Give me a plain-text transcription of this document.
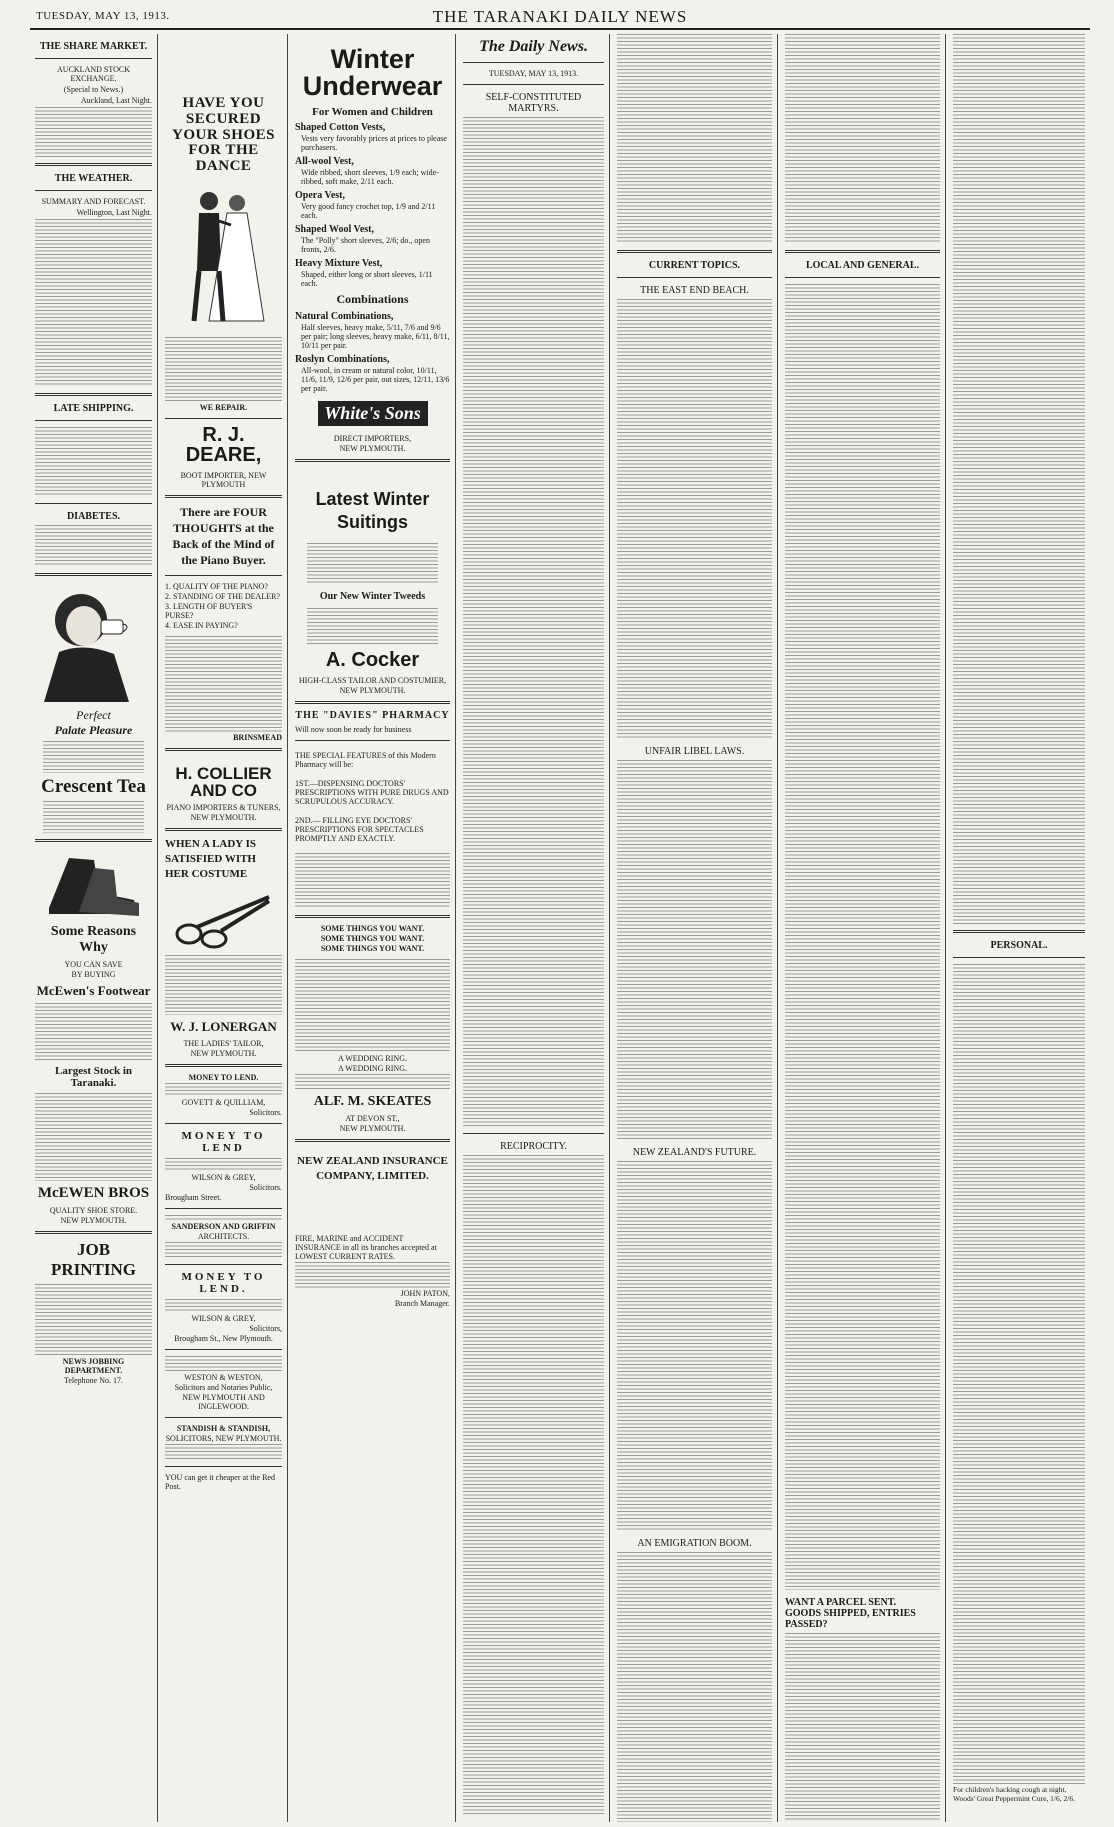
TUESDAY, MAY 13, 1913.	THE TARANAKI DAILY NEWS
THE SHARE MARKET.
AUCKLAND STOCK EXCHANGE.
(Special to News.)
Auckland, Last Night.
THE WEATHER.
SUMMARY AND FORECAST.
Wellington, Last Night.
LATE SHIPPING.
DIABETES.
Perfect
Palate Pleasure
Crescent Tea
Some Reasons Why
YOU CAN SAVE
BY BUYING
McEwen's Footwear
Largest Stock in Taranaki.
McEWEN BROS
QUALITY SHOE STORE.
NEW PLYMOUTH.
JOB PRINTING
NEWS JOBBING DEPARTMENT.
Telephone No. 17.
HAVE YOU SECURED YOUR SHOES FOR THE DANCE
WE REPAIR.
R. J. DEARE,
BOOT IMPORTER, NEW PLYMOUTH
There are FOUR THOUGHTS at the Back of the Mind of the Piano Buyer.
1. QUALITY OF THE PIANO?
2. STANDING OF THE DEALER?
3. LENGTH OF BUYER'S PURSE?
4. EASE IN PAYING?
BRINSMEAD
H. COLLIER AND CO
PIANO IMPORTERS & TUNERS,
NEW PLYMOUTH.
WHEN A LADY IS SATISFIED WITH HER COSTUME
W. J. LONERGAN
THE LADIES' TAILOR,
NEW PLYMOUTH.
MONEY TO LEND.
GOVETT & QUILLIAM,
Solicitors.
MONEY TO LEND
WILSON & GREY,
Solicitors.
Brougham Street.
SANDERSON AND GRIFFIN
ARCHITECTS.
MONEY TO LEND.
WILSON & GREY,
Solicitors,
Brougham St., New Plymouth.
WESTON & WESTON,
Solicitors and Notaries Public,
NEW PLYMOUTH AND INGLEWOOD.
STANDISH & STANDISH,
SOLICITORS, NEW PLYMOUTH.
YOU can get it cheaper at the Red Post.
Winter Underwear
For Women and Children
Shaped Cotton Vests,
Vests very favorably prices at prices to please purchasers.
All-wool Vest,
Wide ribbed, short sleeves, 1/9 each; wide-ribbed, soft make, 2/11 each.
Opera Vest,
Very good fancy crochet top, 1/9 and 2/11 each.
Shaped Wool Vest,
The "Polly" short sleeves, 2/6; do., open fronts, 2/6.
Heavy Mixture Vest,
Shaped, either long or short sleeves, 1/11 each.
Combinations
Natural Combinations,
Half sleeves, heavy make, 5/11, 7/6 and 9/6 per pair; long sleeves, heavy make, 6/11, 8/11, 10/11 per pair.
Roslyn Combinations,
All-wool, in cream or natural color, 10/11, 11/6, 11/9, 12/6 per pair, out sizes, 12/11, 13/6 per pair.
White's Sons
DIRECT IMPORTERS,
NEW PLYMOUTH.
Latest Winter Suitings
Our New Winter Tweeds
A. Cocker
HIGH-CLASS TAILOR AND COSTUMIER,
NEW PLYMOUTH.
THE "DAVIES" PHARMACY
Will now soon be ready for business
THE SPECIAL FEATURES of this Modern Pharmacy will be:
1ST.—DISPENSING DOCTORS' PRESCRIPTIONS WITH PURE DRUGS AND SCRUPULOUS ACCURACY.
2ND.— FILLING EYE DOCTORS' PRESCRIPTIONS FOR SPECTACLES PROMPTLY AND EXACTLY.
SOME THINGS YOU WANT.
SOME THINGS YOU WANT.
SOME THINGS YOU WANT.
A WEDDING RING.
A WEDDING RING.
ALF. M. SKEATES
AT DEVON ST.,
NEW PLYMOUTH.
NEW ZEALAND INSURANCE COMPANY, LIMITED.
FIRE, MARINE and ACCIDENT INSURANCE in all its branches accepted at LOWEST CURRENT RATES.
JOHN PATON,
Branch Manager.
The Daily News.
TUESDAY, MAY 13, 1913.
SELF-CONSTITUTED MARTYRS.
RECIPROCITY.
CURRENT TOPICS.
THE EAST END BEACH.
UNFAIR LIBEL LAWS.
NEW ZEALAND'S FUTURE.
AN EMIGRATION BOOM.
LOCAL AND GENERAL.
WANT A PARCEL SENT.
GOODS SHIPPED, ENTRIES PASSED?
PERSONAL.
For children's hacking cough at night, Woods' Great Peppermint Cure, 1/6, 2/6.
